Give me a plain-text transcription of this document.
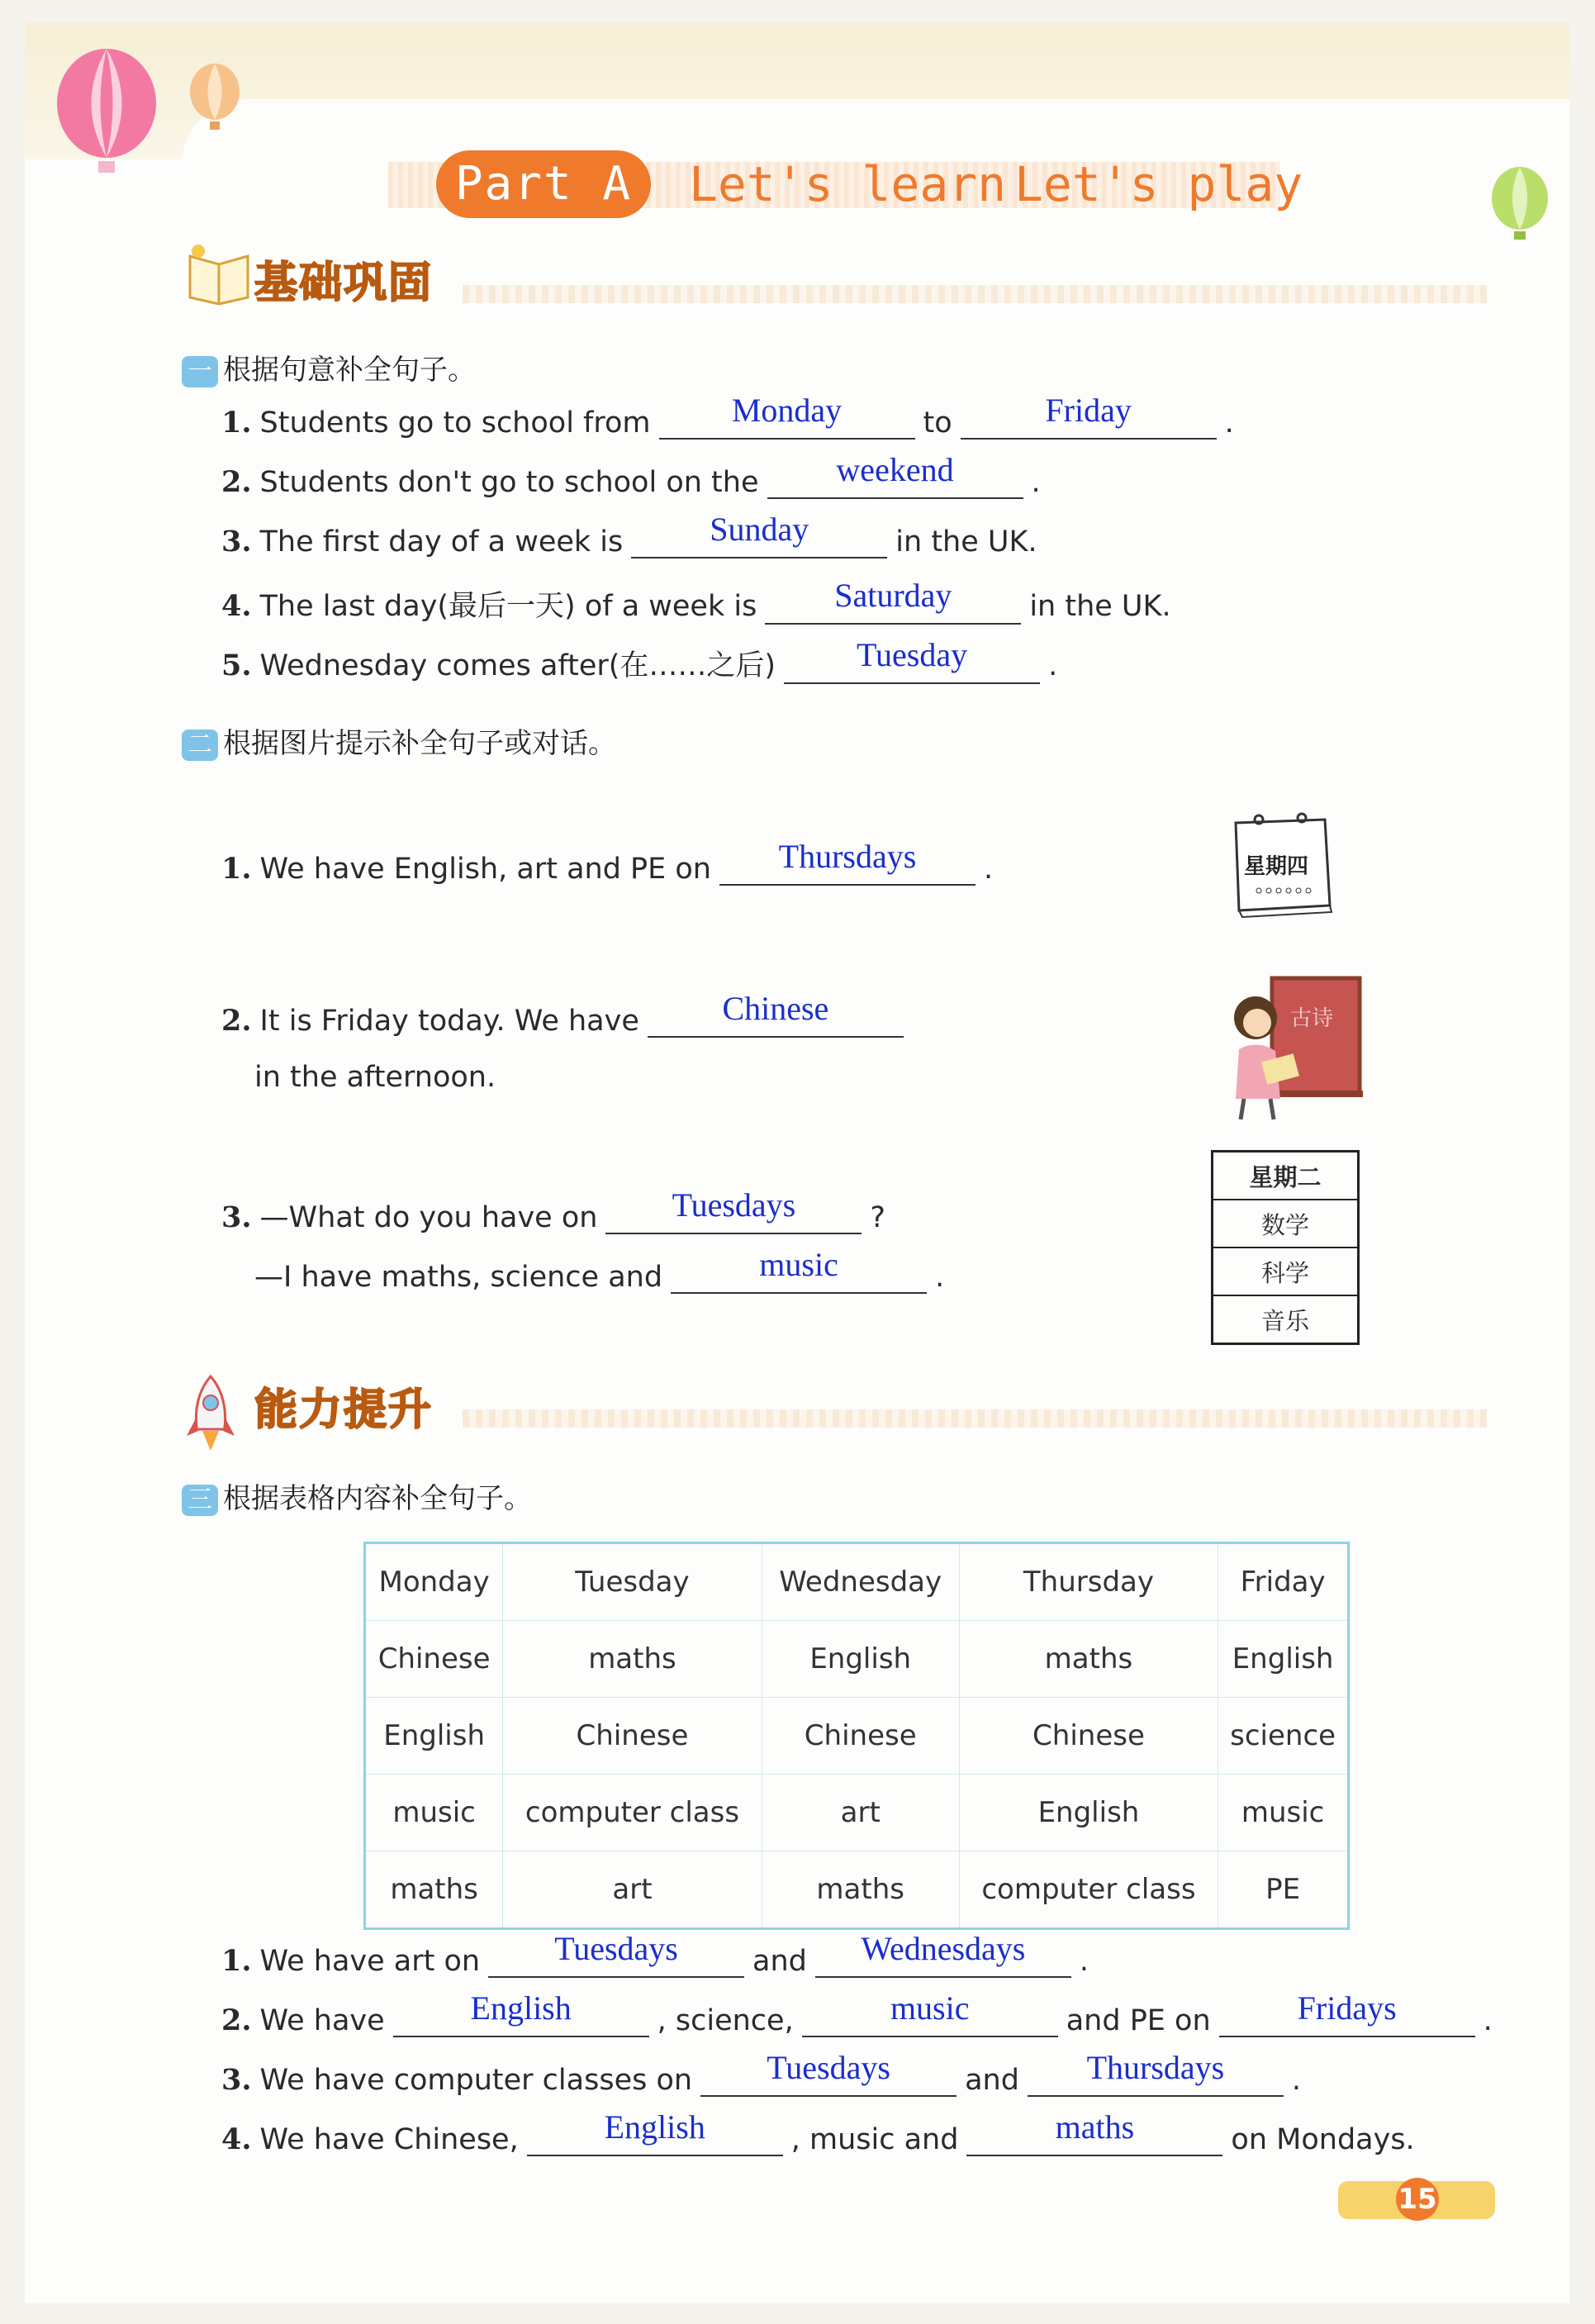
Part A	Let's learn Let's play
基础巩固
一 根据句意补全句子。
1. Students go to school from	Monday	to	Friday	.
2. Students don't go to school on the	weekend	.
3. The first day of a week is	Sunday	in the UK.
4. The last day(最后一天) of a week is	Saturday	in the UK.
5. Wednesday comes after(在……之后)	Tuesday	.
二 根据图片提示补全句子或对话。
1. We have English, art and PE on	Thursdays	.	星期四
2. It is Friday today. We have	Chinese
in the afternoon.
古诗
3. —What do you have on	Tuesdays	?
—I have maths, science and	music	.
星期二
数学
科学
音乐
能力提升
三 根据表格内容补全句子。
Monday	Tuesday	Wednesday	Thursday	Friday
Chinese	maths	English	maths	English
English	Chinese	Chinese	Chinese	science
music	computer class	art	English	music
maths	art	maths	computer class	PE
1. We have art on	Tuesdays	and	Wednesdays	.
2. We have	English	, science,	music	and PE on	Fridays	.
3. We have computer classes on	Tuesdays	and	Thursdays	.
4. We have Chinese,	English	, music and	maths	on Mondays.
15
